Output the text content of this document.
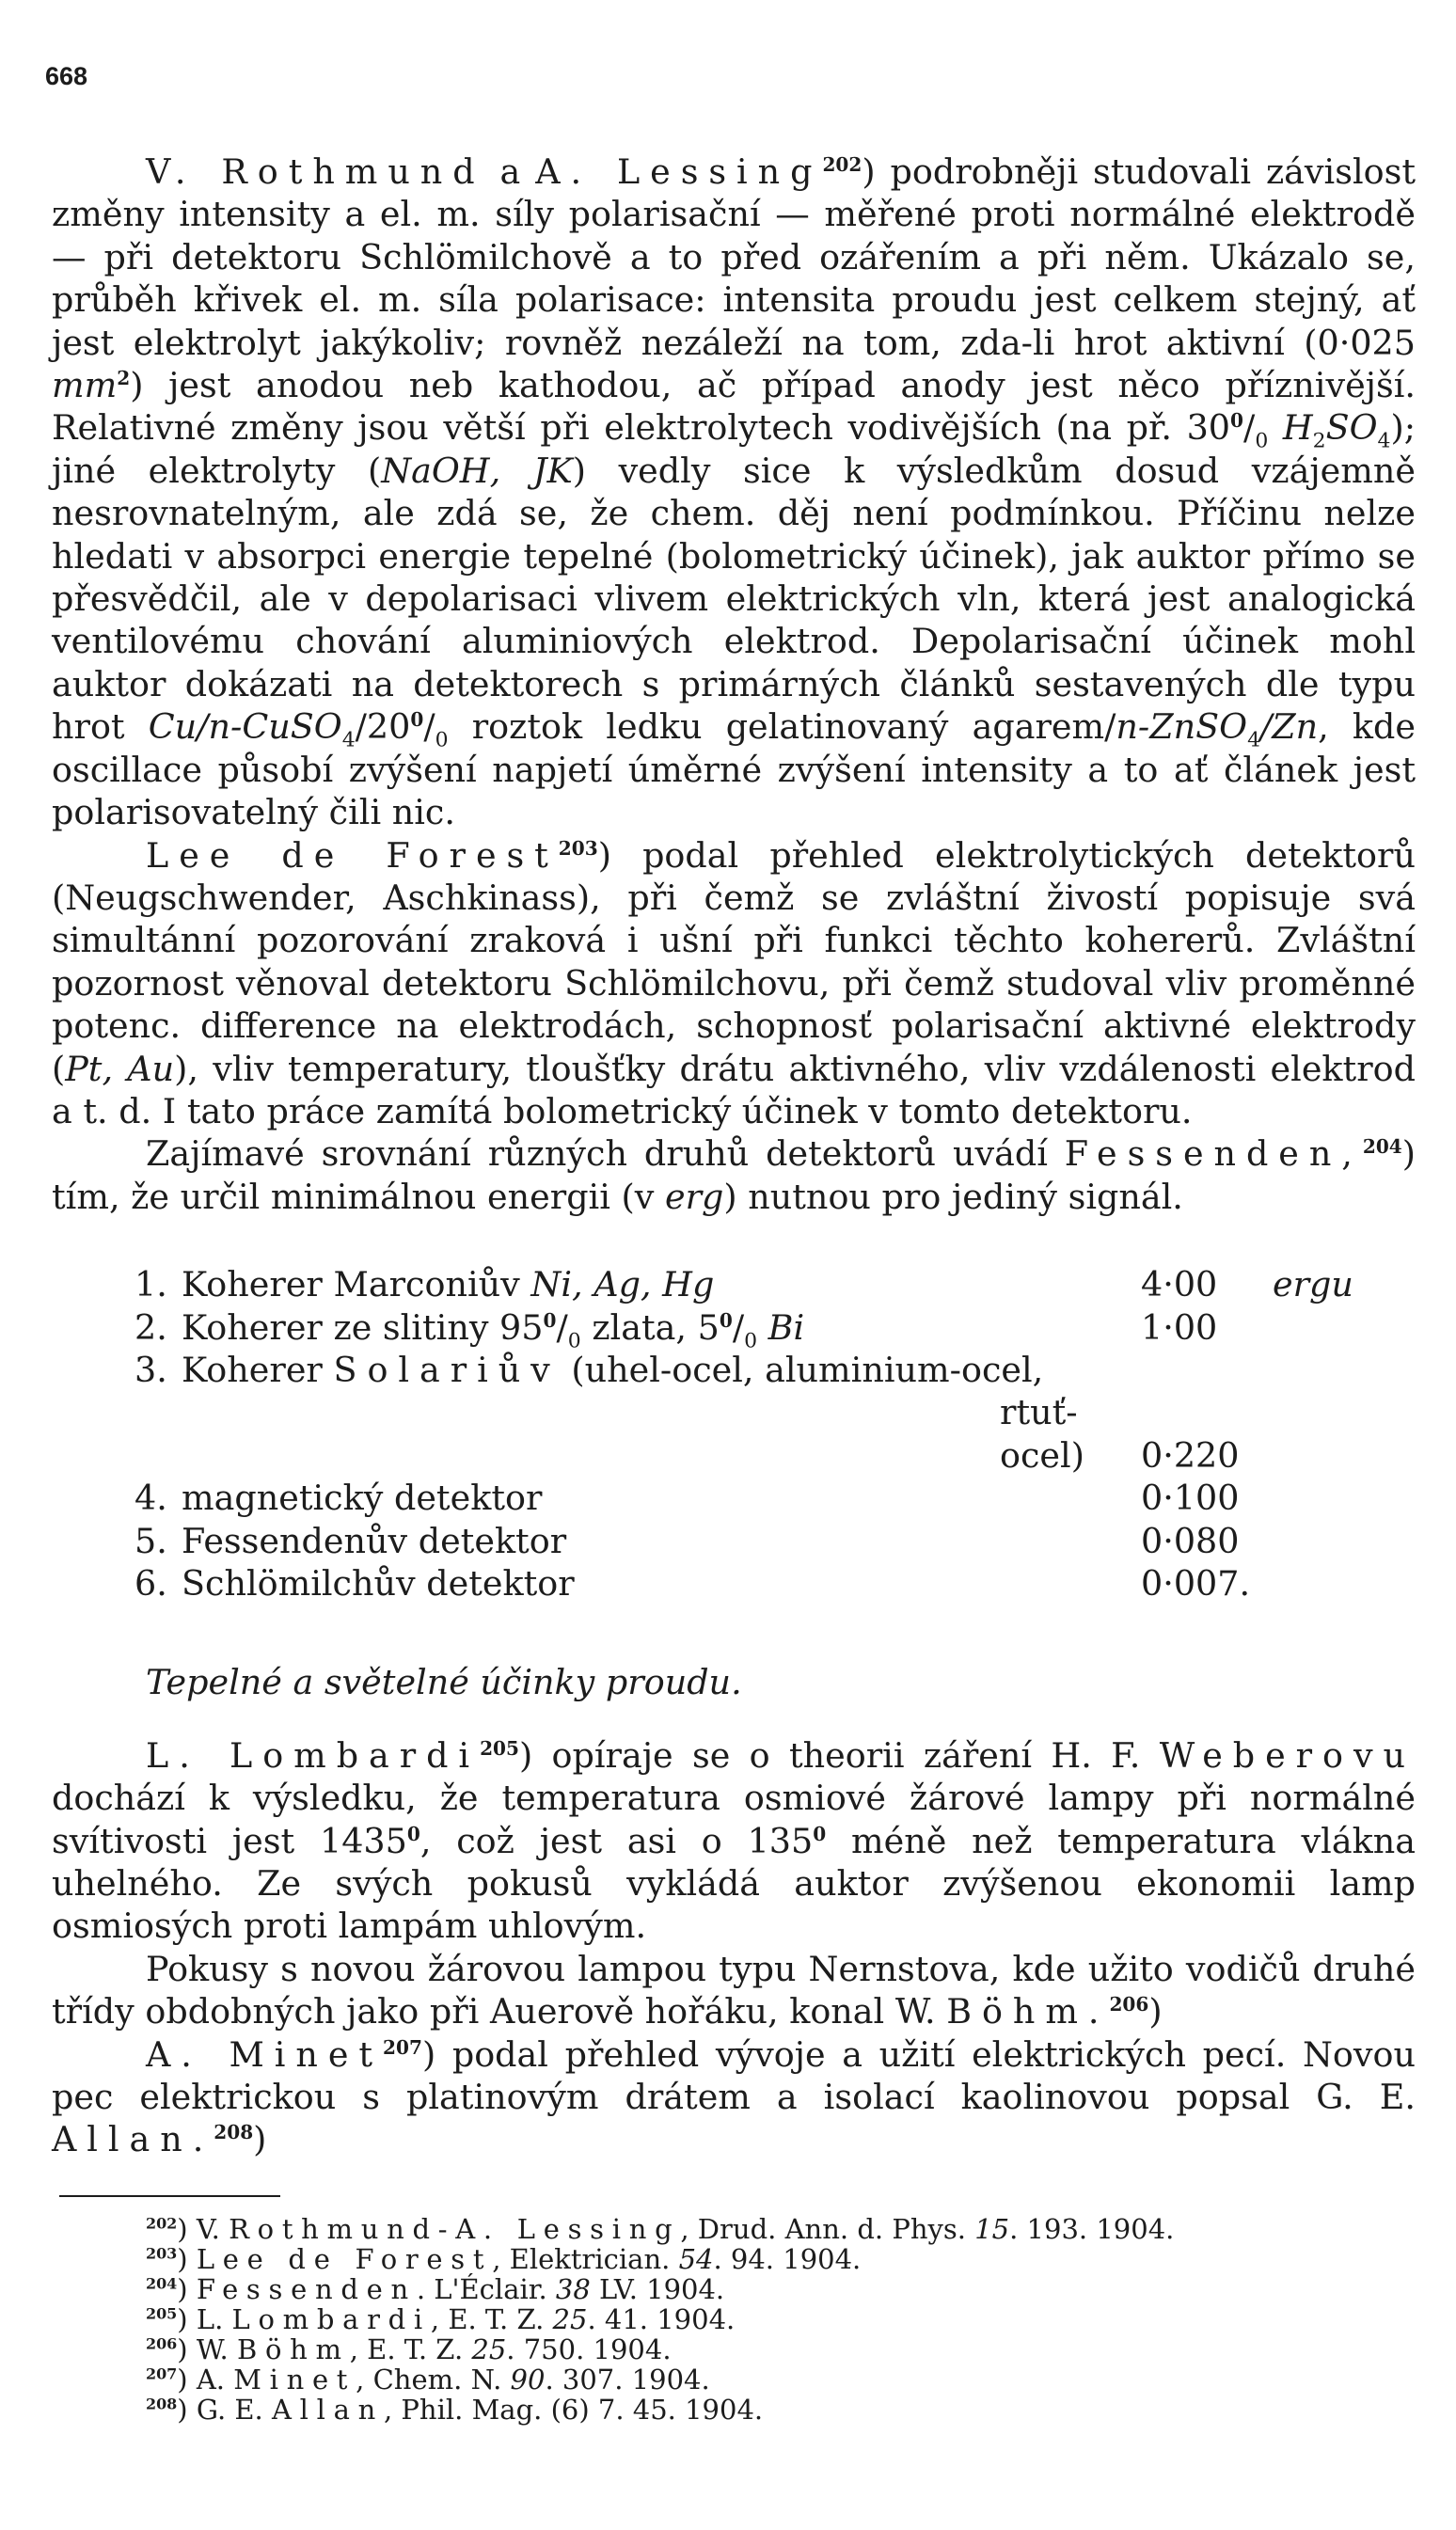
668

V. Rothmund a A. Lessing$^{202}$) podrobněji studovali závislost změny intensity a el. m. síly polarisační — měřené proti normálné elektrodě — při detektoru Schlömilchově a to před ozářením a při něm. Ukázalo se, průběh křivek el. m. síla polarisace: intensita proudu jest celkem stejný, ať jest elektrolyt jakýkoliv; rovněž nezáleží na tom, zda-li hrot aktivní (0·025 $mm^2$) jest anodou neb kathodou, ač případ anody jest něco příznivější. Relativné změny jsou větší při elektrolytech vodivějších (na př. $30^0/_0$ $H_2SO_4$); jiné elektrolyty (NaOH, JK) vedly sice k výsledkům dosud vzájemně nesrovnatelným, ale zdá se, že chem. děj není podmínkou. Příčinu nelze hledati v absorpci energie tepelné (bolometrický účinek), jak auktor přímo se přesvědčil, ale v depolarisaci vlivem elektrických vln, která jest analogická ventilovému chování aluminiových elektrod. Depolarisační účinek mohl auktor dokázati na detektorech s primárných článků sestavených dle typu hrot $Cu/n-CuSO_4/20^0/_0$ roztok ledku gelatinovaný agarem/n-ZnSO$_4$/Zn, kde oscillace působí zvýšení napjetí úměrné zvýšení intensity a to ať článek jest polarisovatelný čili nic.

Lee de Forest$^{203}$) podal přehled elektrolytických detektorů (Neugschwender, Aschkinass), při čemž se zvláštní živostí popisuje svá simultánní pozorování zraková i ušní při funkci těchto kohererů. Zvláštní pozornost věnoval detektoru Schlömilchovu, při čemž studoval vliv proměnné potenc. difference na elektrodách, schopnosť polarisační aktivné elektrody (Pt, Au), vliv temperatury, tloušťky drátu aktivného, vliv vzdálenosti elektrod a t. d. I tato práce zamítá bolometrický účinek v tomto detektoru.

Zajímavé srovnání různých druhů detektorů uvádí Fessenden,$^{204}$) tím, že určil minimálnou energii (v erg) nutnou pro jediný signál.

1.	Koherer Marconiův Ni, Ag, Hg	4·00	ergu
2.	Koherer ze slitiny $95^0/_0$ zlata, $5^0/_0$ Bi	1·00	
3.	Koherer Solariův (uhel-ocel, aluminium-ocel,
rtuť-ocel)	0·220	
4.	magnetický detektor	0·100	
5.	Fessendenův detektor	0·080	
6.	Schlömilchův detektor	0·007.	
Tepelné a světelné účinky proudu.

L. Lombardi$^{205}$) opíraje se o theorii záření H. F. Weberovu dochází k výsledku, že temperatura osmiové žárové lampy při normálné svítivosti jest 1435$^0$, což jest asi o $135^0$ méně než temperatura vlákna uhelného. Ze svých pokusů vykládá auktor zvýšenou ekonomii lamp osmiosých proti lampám uhlovým.

Pokusy s novou žárovou lampou typu Nernstova, kde užito vodičů druhé třídy obdobných jako při Auerově hořáku, konal W. Böhm.$^{206}$)

A. Minet$^{207}$) podal přehled vývoje a užití elektrických pecí. Novou pec elektrickou s platinovým drátem a isolací kaolinovou popsal G. E. Allan.$^{208}$)

$^{202}$) V. Rothmund-A. Lessing, Drud. Ann. d. Phys. 15. 193. 1904.
$^{203}$) Lee de Forest, Elektrician. 54. 94. 1904.
$^{204}$) Fessenden. L'Éclair. 38 LV. 1904.
$^{205}$) L. Lombardi, E. T. Z. 25. 41. 1904.
$^{206}$) W. Böhm, E. T. Z. 25. 750. 1904.
$^{207}$) A. Minet, Chem. N. 90. 307. 1904.
$^{208}$) G. E. Allan, Phil. Mag. (6) 7. 45. 1904.
